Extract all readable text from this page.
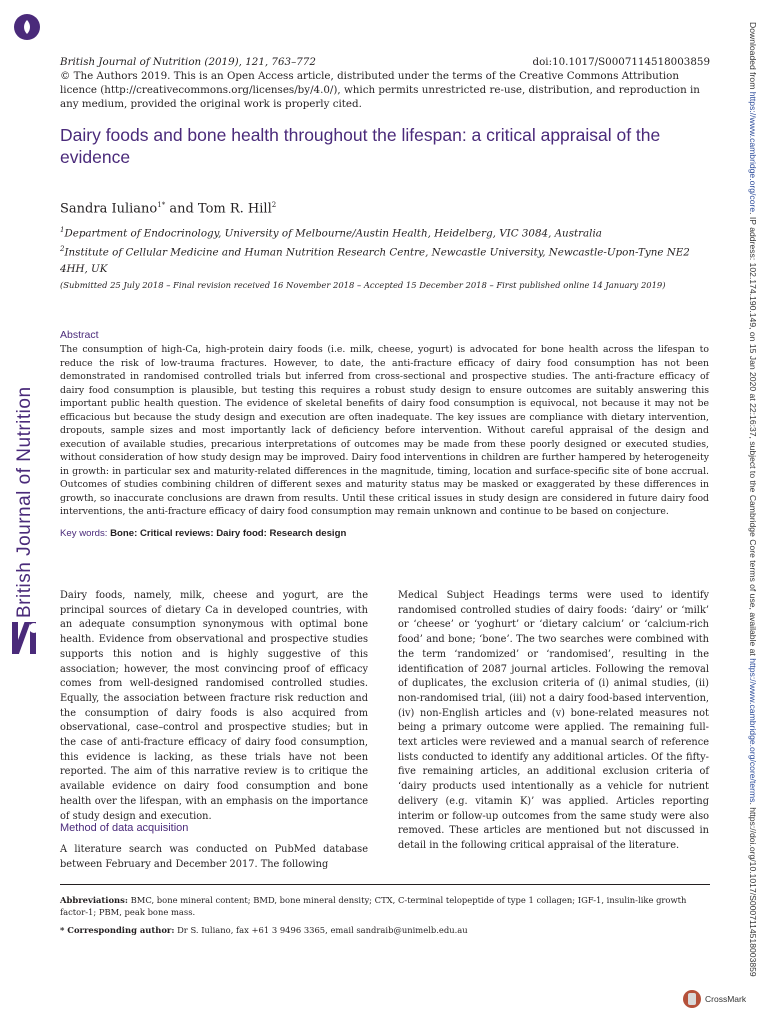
British Journal of Nutrition
Downloaded from https://www.cambridge.org/core. IP address: 102.174.190.149, on 15 Jan 2020 at 22:16:37, subject to the Cambridge Core terms of use, available at https://www.cambridge.org/core/terms. https://doi.org/10.1017/S0007114518003859
British Journal of Nutrition (2019), 121, 763–772	doi:10.1017/S0007114518003859
© The Authors 2019. This is an Open Access article, distributed under the terms of the Creative Commons Attribution licence (http://creativecommons.org/licenses/by/4.0/), which permits unrestricted re-use, distribution, and reproduction in any medium, provided the original work is properly cited.
Dairy foods and bone health throughout the lifespan: a critical appraisal of the evidence
Sandra Iuliano$^{1*}$ and Tom R. Hill$^2$
$^1$Department of Endocrinology, University of Melbourne/Austin Health, Heidelberg, VIC 3084, Australia
$^2$Institute of Cellular Medicine and Human Nutrition Research Centre, Newcastle University, Newcastle-Upon-Tyne NE2 4HH, UK
(Submitted 25 July 2018 – Final revision received 16 November 2018 – Accepted 15 December 2018 – First published online 14 January 2019)
Abstract
The consumption of high-Ca, high-protein dairy foods (i.e. milk, cheese, yogurt) is advocated for bone health across the lifespan to reduce the risk of low-trauma fractures. However, to date, the anti-fracture efficacy of dairy food consumption has not been demonstrated in randomised controlled trials but inferred from cross-sectional and prospective studies. The anti-fracture efficacy of dairy food consumption is plausible, but testing this requires a robust study design to ensure outcomes are suitably answering this important public health question. The evidence of skeletal benefits of dairy food consumption is equivocal, not because it may not be efficacious but because the study design and execution are often inadequate. The key issues are compliance with dietary intervention, dropouts, sample sizes and most importantly lack of deficiency before intervention. Without careful appraisal of the design and execution of available studies, precarious interpretations of outcomes may be made from these poorly designed or executed studies, without consideration of how study design may be improved. Dairy food interventions in children are further hampered by heterogeneity in growth: in particular sex and maturity-related differences in the magnitude, timing, location and surface-specific site of bone accrual. Outcomes of studies combining children of different sexes and maturity status may be masked or exaggerated by these differences in growth, so inaccurate conclusions are drawn from results. Until these critical issues in study design are considered in future dairy food interventions, the anti-fracture efficacy of dairy food consumption may remain unknown and continue to be based on conjecture.
Key words: Bone: Critical reviews: Dairy food: Research design
Dairy foods, namely, milk, cheese and yogurt, are the principal sources of dietary Ca in developed countries, with an adequate consumption synonymous with optimal bone health. Evidence from observational and prospective studies supports this notion and is highly suggestive of this association; however, the most convincing proof of efficacy comes from well-designed randomised controlled studies. Equally, the association between fracture risk reduction and the consumption of dairy foods is also acquired from observational, case–control and prospective studies; but in the case of anti-fracture efficacy of dairy food consumption, this evidence is lacking, as these trials have not been reported. The aim of this narrative review is to critique the available evidence on dairy food consumption and bone health over the lifespan, with an emphasis on the importance of study design and execution.
Method of data acquisition
A literature search was conducted on PubMed database between February and December 2017. The following
Medical Subject Headings terms were used to identify randomised controlled studies of dairy foods: ‘dairy’ or ‘milk’ or ‘cheese’ or ‘yoghurt’ or ‘dietary calcium’ or ‘calcium-rich food’ and bone; ‘bone’. The two searches were combined with the term ‘randomized’ or ‘randomised’, resulting in the identification of 2087 journal articles. Following the removal of duplicates, the exclusion criteria of (i) animal studies, (ii) non-randomised trial, (iii) not a dairy food-based intervention, (iv) non-English articles and (v) bone-related measures not being a primary outcome were applied. The remaining full-text articles were reviewed and a manual search of reference lists conducted to identify any additional articles. Of the fifty-five remaining articles, an additional exclusion criteria of ‘dairy products used intentionally as a vehicle for nutrient delivery (e.g. vitamin K)’ was applied. Articles reporting interim or follow-up outcomes from the same study were also removed. These articles are mentioned but not discussed in detail in the following critical appraisal of the literature.

Abbreviations: BMC, bone mineral content; BMD, bone mineral density; CTX, C-terminal telopeptide of type 1 collagen; IGF-1, insulin-like growth factor-1; PBM, peak bone mass.

* Corresponding author: Dr S. Iuliano, fax +61 3 9496 3365, email sandraib@unimelb.edu.au

CrossMark
